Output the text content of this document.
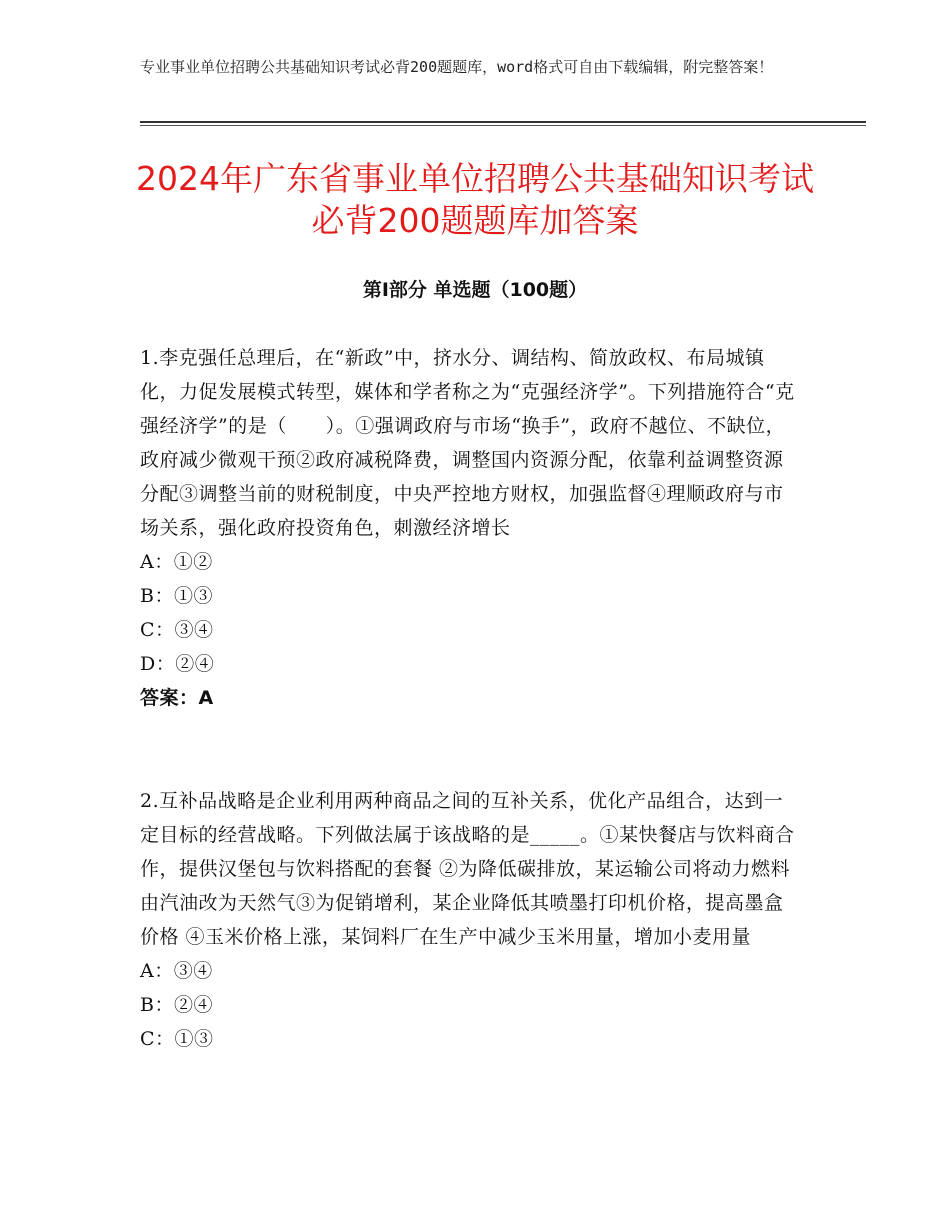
专业事业单位招聘公共基础知识考试必背200题题库，word格式可自由下载编辑，附完整答案！
2024年广东省事业单位招聘公共基础知识考试必背200题题库加答案
第Ⅰ部分 单选题（100题）
1.李克强任总理后，在“新政”中，挤水分、调结构、简放政权、布局城镇化，力促发展模式转型，媒体和学者称之为“克强经济学”。下列措施符合“克强经济学”的是（　　）。①强调政府与市场“换手”，政府不越位、不缺位，政府减少微观干预②政府减税降费，调整国内资源分配，依靠利益调整资源分配③调整当前的财税制度，中央严控地方财权，加强监督④理顺政府与市场关系，强化政府投资角色，刺激经济增长
A：①②
B：①③
C：③④
D：②④
答案：A
2.互补品战略是企业利用两种商品之间的互补关系，优化产品组合，达到一定目标的经营战略。下列做法属于该战略的是_____。①某快餐店与饮料商合作，提供汉堡包与饮料搭配的套餐 ②为降低碳排放，某运输公司将动力燃料由汽油改为天然气③为促销增利，某企业降低其喷墨打印机价格，提高墨盒价格 ④玉米价格上涨，某饲料厂在生产中减少玉米用量，增加小麦用量
A：③④
B：②④
C：①③
